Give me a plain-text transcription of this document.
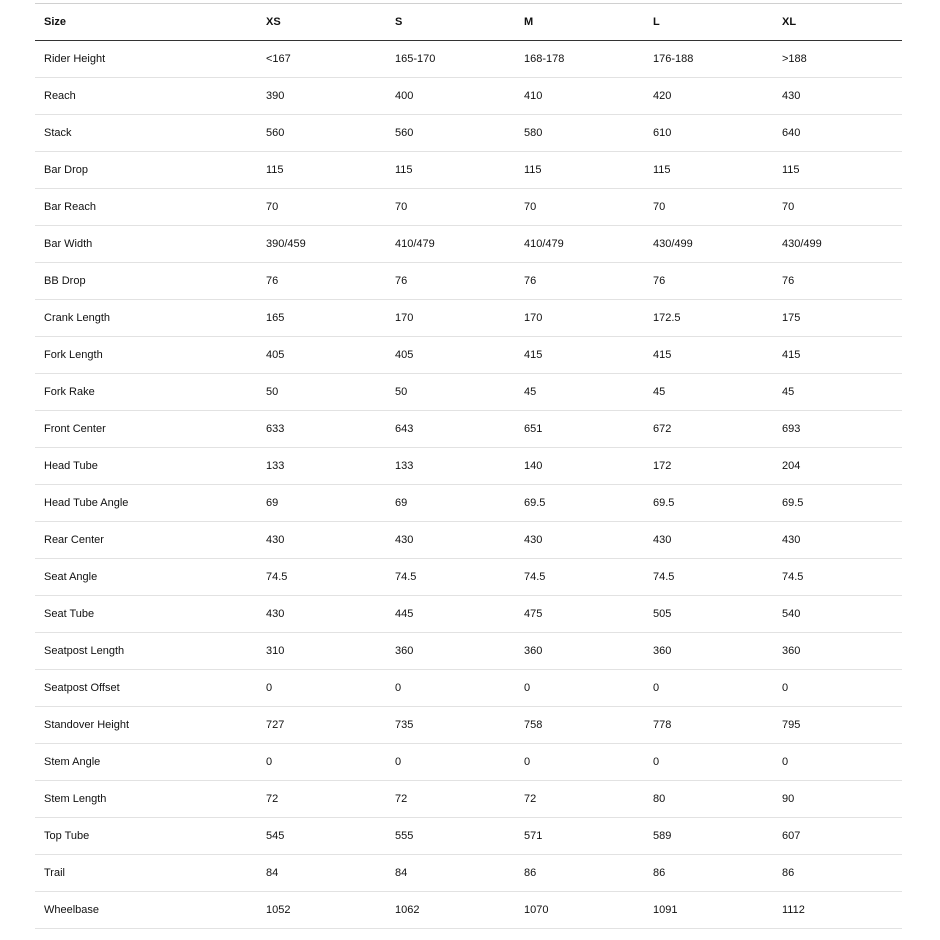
Size	XS	S	M	L	XL
Rider Height	<167	165-170	168-178	176-188	>188
Reach	390	400	410	420	430
Stack	560	560	580	610	640
Bar Drop	115	115	115	115	115
Bar Reach	70	70	70	70	70
Bar Width	390/459	410/479	410/479	430/499	430/499
BB Drop	76	76	76	76	76
Crank Length	165	170	170	172.5	175
Fork Length	405	405	415	415	415
Fork Rake	50	50	45	45	45
Front Center	633	643	651	672	693
Head Tube	133	133	140	172	204
Head Tube Angle	69	69	69.5	69.5	69.5
Rear Center	430	430	430	430	430
Seat Angle	74.5	74.5	74.5	74.5	74.5
Seat Tube	430	445	475	505	540
Seatpost Length	310	360	360	360	360
Seatpost Offset	0	0	0	0	0
Standover Height	727	735	758	778	795
Stem Angle	0	0	0	0	0
Stem Length	72	72	72	80	90
Top Tube	545	555	571	589	607
Trail	84	84	86	86	86
Wheelbase	1052	1062	1070	1091	1112
